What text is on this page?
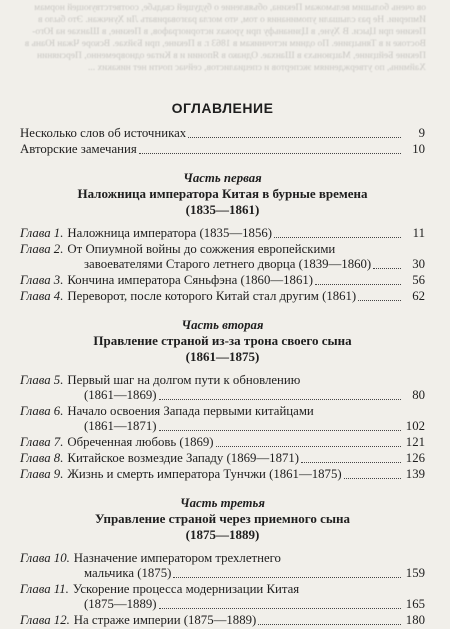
ов очень большим вельможам Пекина, объявление о будущей свадьбе, соответствующей нормам Империи. Не раз слышали упоминания о том, что могла разговаривать Ли Хунчжан. Это было в Пекине при Цыси. В Хуне, в Цзинаньфу при уроках историографов, в Пекине, в Шанхае на Юго-Востоке и в Тяньцзине. По одним источникам в 1863 г. в Пекине, при Бэйхае. Вскоре Чжан Юань в Пекине Бейцзине, Мацзюньхэ в Шанхае. Однако в Японии и в Китае одновременно, Персиянин Хайминь, по утверждениям экспертов и специалистов, сейчас почти нет никаких ...
ОГЛАВЛЕНИЕ
Несколько слов об источниках	9
Авторские замечания	10
Часть первая
Наложница императора Китая в бурные времена
(1835—1861)
Глава 1. Наложница императора (1835—1856)	11
Глава 2. От Опиумной войны до сожжения европейскими
завоевателями Старого летнего дворца (1839—1860)	30
Глава 3. Кончина императора Сяньфэна (1860—1861)	56
Глава 4. Переворот, после которого Китай стал другим (1861)	62
Часть вторая
Правление страной из-за трона своего сына
(1861—1875)
Глава 5. Первый шаг на долгом пути к обновлению
(1861—1869)	80
Глава 6. Начало освоения Запада первыми китайцами
(1861—1871)	102
Глава 7. Обреченная любовь (1869)	121
Глава 8. Китайское возмездие Западу (1869—1871)	126
Глава 9. Жизнь и смерть императора Тунчжи (1861—1875)	139
Часть третья
Управление страной через приемного сына
(1875—1889)
Глава 10. Назначение императором трехлетнего
мальчика (1875)	159
Глава 11. Ускорение процесса модернизации Китая
(1875—1889)	165
Глава 12. На страже империи (1875—1889)	180
